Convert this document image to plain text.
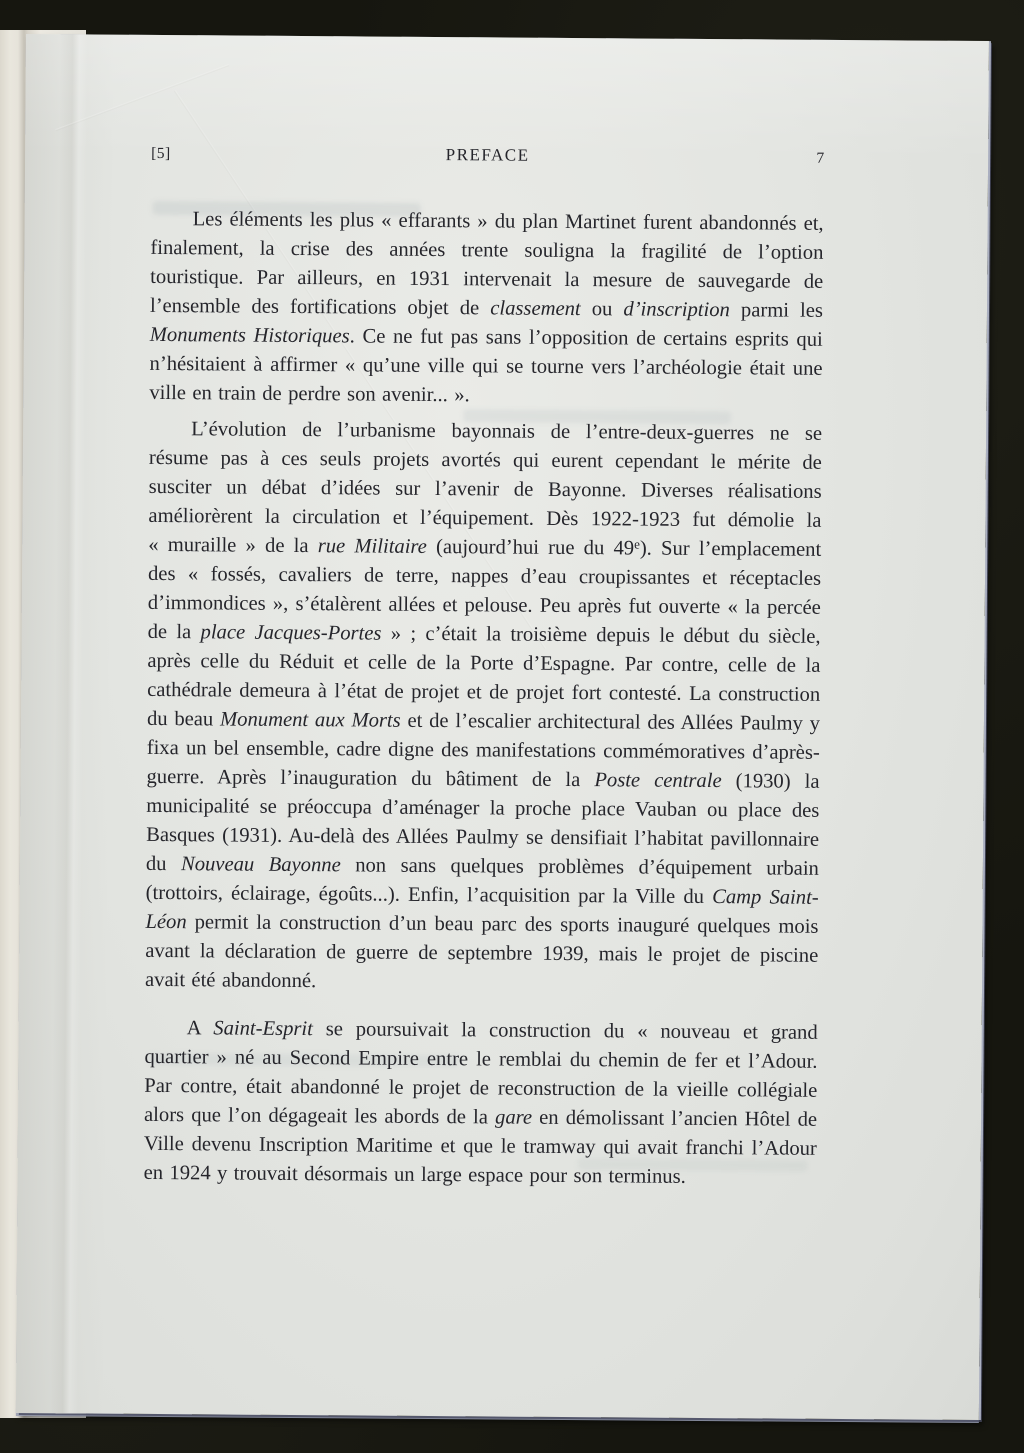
[5]	PREFACE	7

Les éléments les plus « effarants » du plan Martinet furent abandonnés et, finalement, la crise des années trente souligna la fragilité de l’option touristique. Par ailleurs, en 1931 intervenait la mesure de sauvegarde de l’ensemble des fortifications objet de classement ou d’inscription parmi les Monuments Historiques. Ce ne fut pas sans l’opposition de certains esprits qui n’hésitaient à affirmer « qu’une ville qui se tourne vers l’archéologie était une ville en train de perdre son avenir... ».

L’évolution de l’urbanisme bayonnais de l’entre-deux-guerres ne se résume pas à ces seuls projets avortés qui eurent cependant le mérite de susciter un débat d’idées sur l’avenir de Bayonne. Diverses réalisations améliorèrent la circulation et l’équipement. Dès 1922-1923 fut démolie la « muraille » de la rue Militaire (aujourd’hui rue du 49e). Sur l’emplacement des « fossés, cavaliers de terre, nappes d’eau croupissantes et réceptacles d’immondices », s’étalèrent allées et pelouse. Peu après fut ouverte « la percée de la place Jacques-Portes » ; c’était la troisième depuis le début du siècle, après celle du Réduit et celle de la Porte d’Espagne. Par contre, celle de la cathédrale demeura à l’état de projet et de projet fort contesté. La construction du beau Monument aux Morts et de l’escalier architectural des Allées Paulmy y fixa un bel ensemble, cadre digne des manifestations commémoratives d’après-guerre. Après l’inauguration du bâtiment de la Poste centrale (1930) la municipalité se préoccupa d’aménager la proche place Vauban ou place des Basques (1931). Au-delà des Allées Paulmy se densifiait l’habitat pavillonnaire du Nouveau Bayonne non sans quelques problèmes d’équipement urbain (trottoirs, éclairage, égoûts...). Enfin, l’acquisition par la Ville du Camp Saint-Léon permit la construction d’un beau parc des sports inauguré quelques mois avant la déclaration de guerre de septembre 1939, mais le projet de piscine avait été abandonné.

A Saint-Esprit se poursuivait la construction du « nouveau et grand quartier » né au Second Empire entre le remblai du chemin de fer et l’Adour. Par contre, était abandonné le projet de reconstruction de la vieille collégiale alors que l’on dégageait les abords de la gare en démolissant l’ancien Hôtel de Ville devenu Inscription Maritime et que le tramway qui avait franchi l’Adour en 1924 y trouvait désormais un large espace pour son terminus.
